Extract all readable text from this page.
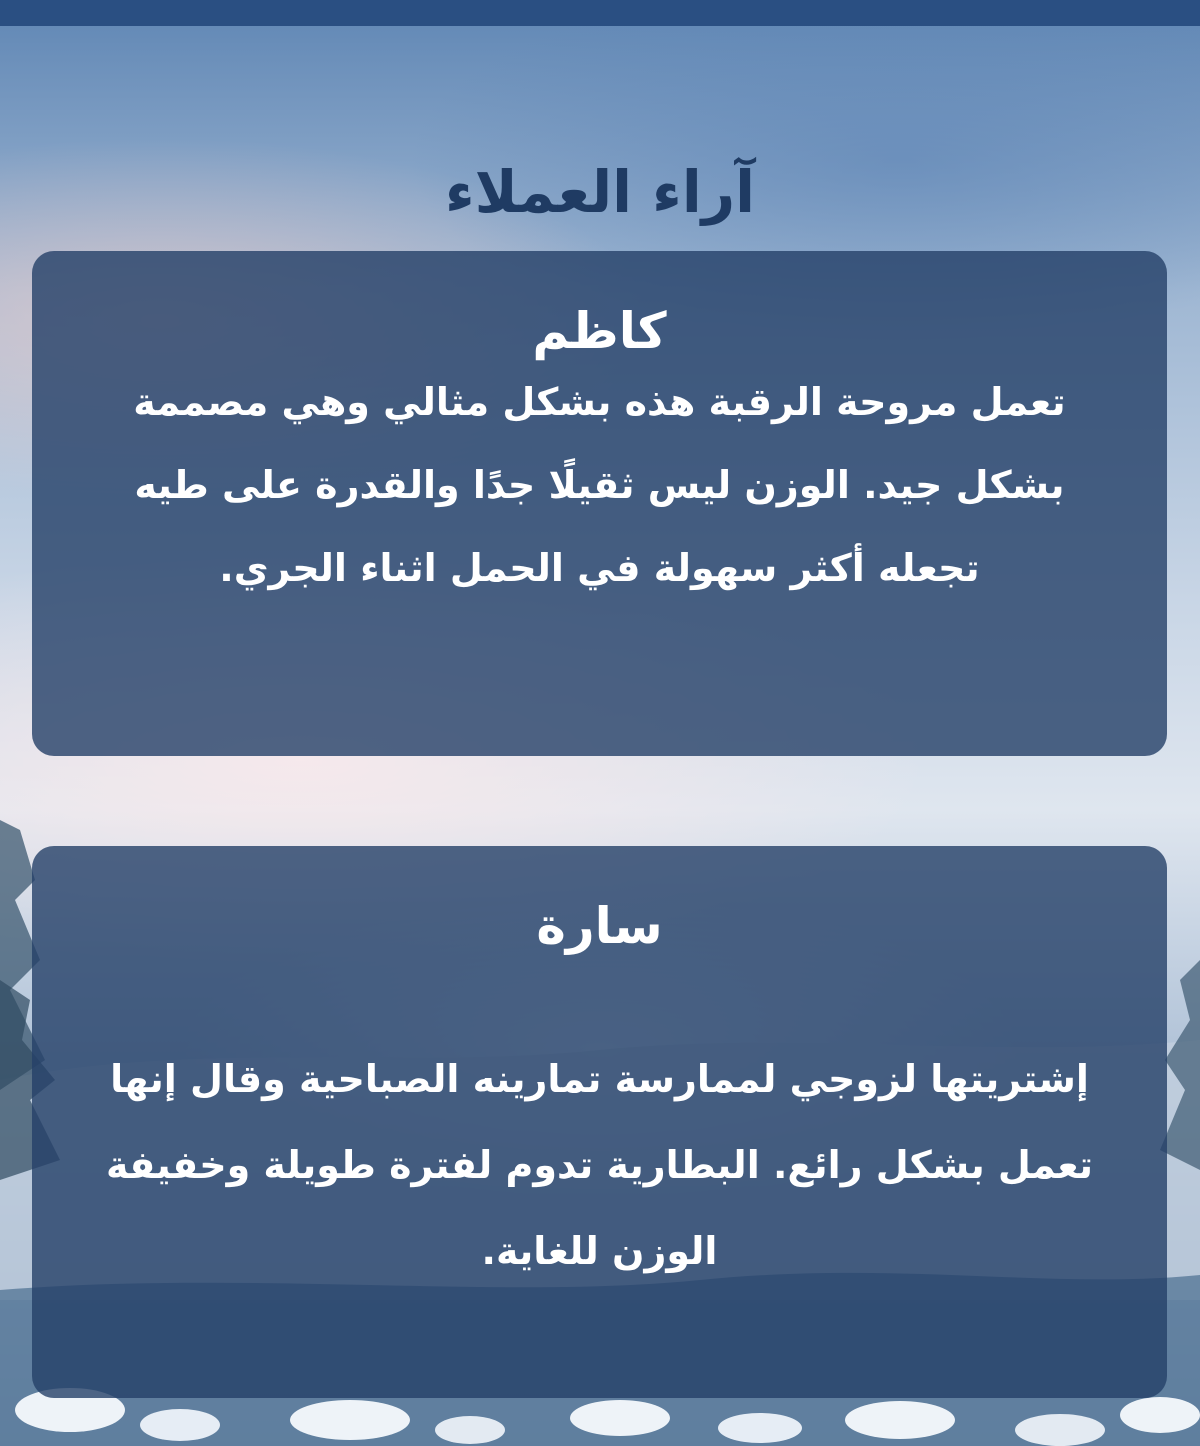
آراء العملاء
كاظم

تعمل مروحة الرقبة هذه بشكل مثالي وهي مصممة بشكل جيد. الوزن ليس ثقيلًا جدًا والقدرة على طيه تجعله أكثر سهولة في الحمل اثناء الجري.

سارة

إشتريتها لزوجي لممارسة تمارينه الصباحية وقال إنها تعمل بشكل رائع. البطارية تدوم لفترة طويلة وخفيفة الوزن للغاية.
